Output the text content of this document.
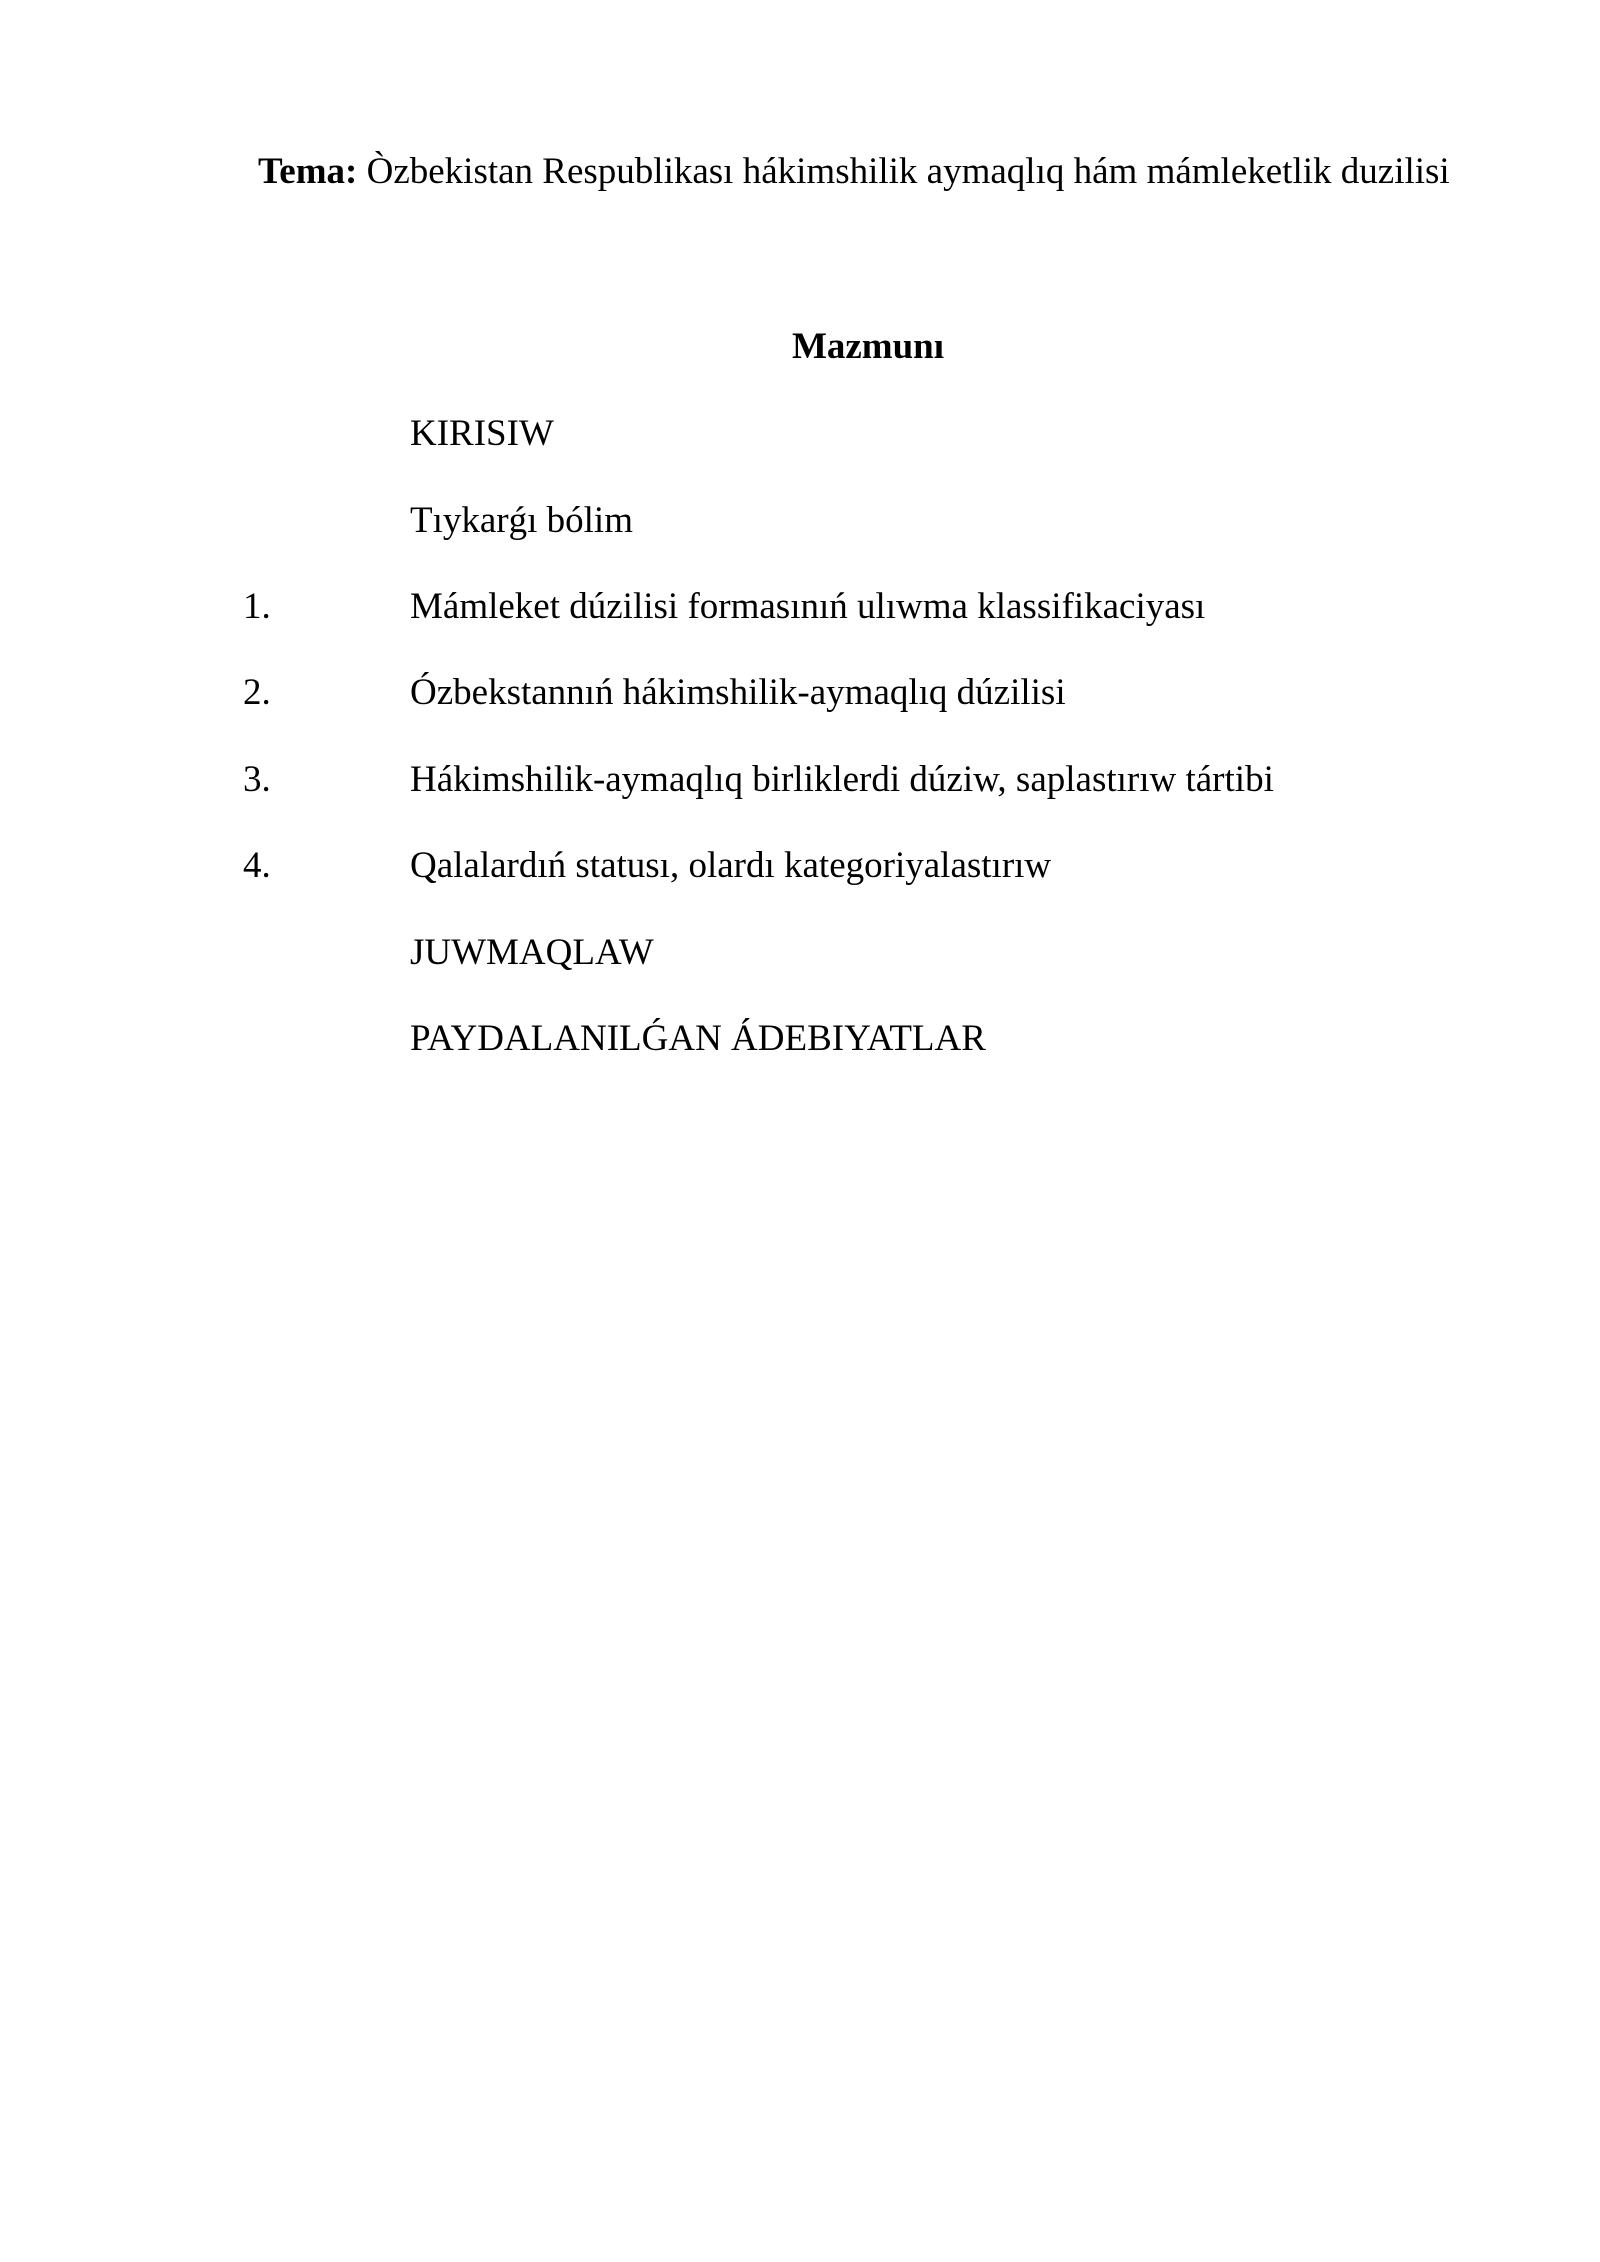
Tema: Òzbekistan Respublikası hákimshilik aymaqlıq hám mámleketlik duzilisi
Mazmunı
KIRISIW
Tıykarǵı bólim
1.	Mámleket dúzilisi formasınıń ulıwma klassifikaciyası
2.	Ózbekstannıń hákimshilik-aymaqlıq dúzilisi
3.	Hákimshilik-aymaqlıq birliklerdi dúziw, saplastırıw tártibi
4.	Qalalardıń statusı, olardı kategoriyalastırıw
JUWMAQLAW
PAYDALANILǴAN ÁDEBIYATLAR
